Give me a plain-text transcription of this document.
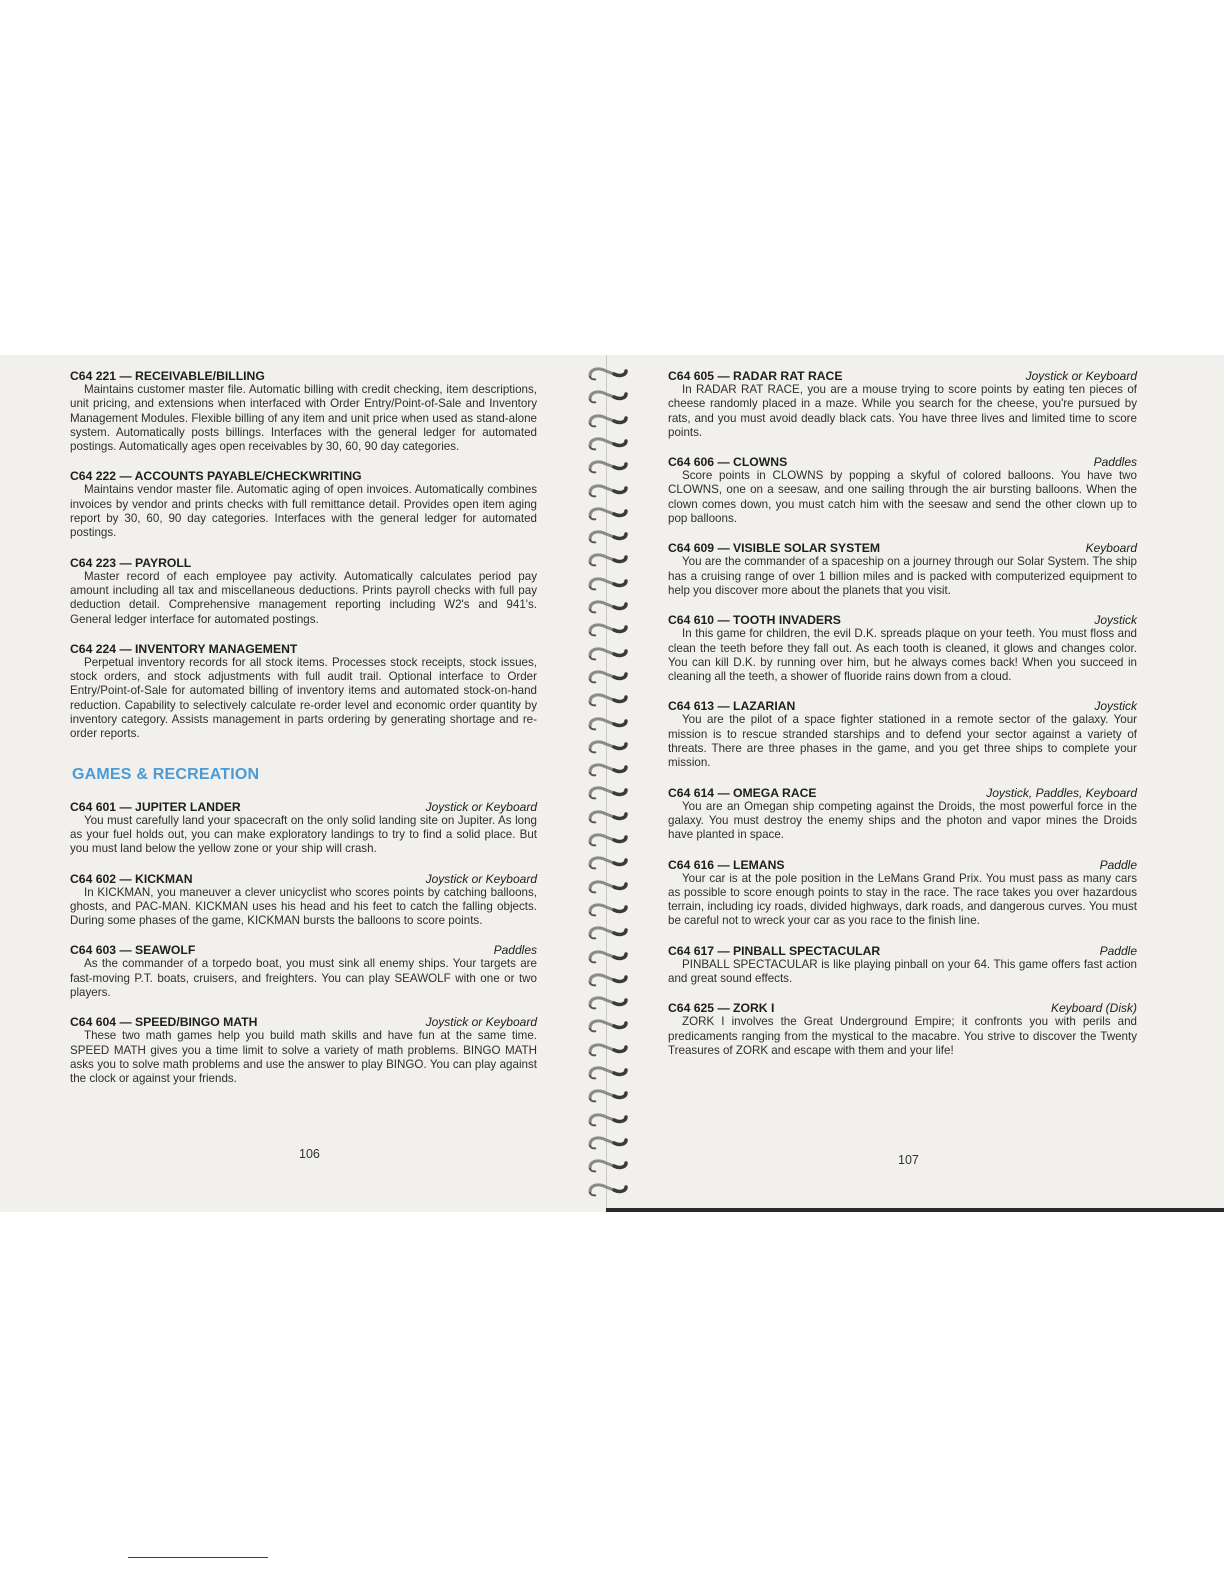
C64 221 — RECEIVABLE/BILLING

Maintains customer master file. Automatic billing with credit checking, item descriptions, unit pricing, and extensions when interfaced with Order Entry/Point-of-Sale and Inventory Management Modules. Flexible billing of any item and unit price when used as stand-alone system. Automatically posts billings. Interfaces with the general ledger for automated postings. Automatically ages open receivables by 30, 60, 90 day categories.

C64 222 — ACCOUNTS PAYABLE/CHECKWRITING

Maintains vendor master file. Automatic aging of open invoices. Automatically combines invoices by vendor and prints checks with full remittance detail. Provides open item aging report by 30, 60, 90 day categories. Interfaces with the general ledger for automated postings.

C64 223 — PAYROLL

Master record of each employee pay activity. Automatically calculates period pay amount including all tax and miscellaneous deductions. Prints payroll checks with full pay deduction detail. Comprehensive management reporting including W2's and 941's. General ledger interface for automated postings.

C64 224 — INVENTORY MANAGEMENT

Perpetual inventory records for all stock items. Processes stock receipts, stock issues, stock orders, and stock adjustments with full audit trail. Optional interface to Order Entry/Point-of-Sale for automated billing of inventory items and automated stock-on-hand reduction. Capability to selectively calculate re-order level and economic order quantity by inventory category. Assists management in parts ordering by generating shortage and re-order reports.

GAMES & RECREATION
C64 601 — JUPITER LANDER	Joystick or Keyboard

You must carefully land your spacecraft on the only solid landing site on Jupiter. As long as your fuel holds out, you can make exploratory landings to try to find a solid place. But you must land below the yellow zone or your ship will crash.

C64 602 — KICKMAN	Joystick or Keyboard

In KICKMAN, you maneuver a clever unicyclist who scores points by catching balloons, ghosts, and PAC-MAN. KICKMAN uses his head and his feet to catch the falling objects. During some phases of the game, KICKMAN bursts the balloons to score points.

C64 603 — SEAWOLF	Paddles

As the commander of a torpedo boat, you must sink all enemy ships. Your targets are fast-moving P.T. boats, cruisers, and freighters. You can play SEAWOLF with one or two players.

C64 604 — SPEED/BINGO MATH	Joystick or Keyboard

These two math games help you build math skills and have fun at the same time. SPEED MATH gives you a time limit to solve a variety of math problems. BINGO MATH asks you to solve math problems and use the answer to play BINGO. You can play against the clock or against your friends.

106
C64 605 — RADAR RAT RACE	Joystick or Keyboard

In RADAR RAT RACE, you are a mouse trying to score points by eating ten pieces of cheese randomly placed in a maze. While you search for the cheese, you're pursued by rats, and you must avoid deadly black cats. You have three lives and limited time to score points.

C64 606 — CLOWNS	Paddles

Score points in CLOWNS by popping a skyful of colored balloons. You have two CLOWNS, one on a seesaw, and one sailing through the air bursting balloons. When the clown comes down, you must catch him with the seesaw and send the other clown up to pop balloons.

C64 609 — VISIBLE SOLAR SYSTEM	Keyboard

You are the commander of a spaceship on a journey through our Solar System. The ship has a cruising range of over 1 billion miles and is packed with computerized equipment to help you discover more about the planets that you visit.

C64 610 — TOOTH INVADERS	Joystick

In this game for children, the evil D.K. spreads plaque on your teeth. You must floss and clean the teeth before they fall out. As each tooth is cleaned, it glows and changes color. You can kill D.K. by running over him, but he always comes back! When you succeed in cleaning all the teeth, a shower of fluoride rains down from a cloud.

C64 613 — LAZARIAN	Joystick

You are the pilot of a space fighter stationed in a remote sector of the galaxy. Your mission is to rescue stranded starships and to defend your sector against a variety of threats. There are three phases in the game, and you get three ships to complete your mission.

C64 614 — OMEGA RACE	Joystick, Paddles, Keyboard

You are an Omegan ship competing against the Droids, the most powerful force in the galaxy. You must destroy the enemy ships and the photon and vapor mines the Droids have planted in space.

C64 616 — LEMANS	Paddle

Your car is at the pole position in the LeMans Grand Prix. You must pass as many cars as possible to score enough points to stay in the race. The race takes you over hazardous terrain, including icy roads, divided highways, dark roads, and dangerous curves. You must be careful not to wreck your car as you race to the finish line.

C64 617 — PINBALL SPECTACULAR	Paddle

PINBALL SPECTACULAR is like playing pinball on your 64. This game offers fast action and great sound effects.

C64 625 — ZORK I	Keyboard (Disk)

ZORK I involves the Great Underground Empire; it confronts you with perils and predicaments ranging from the mystical to the macabre. You strive to discover the Twenty Treasures of ZORK and escape with them and your life!

107
